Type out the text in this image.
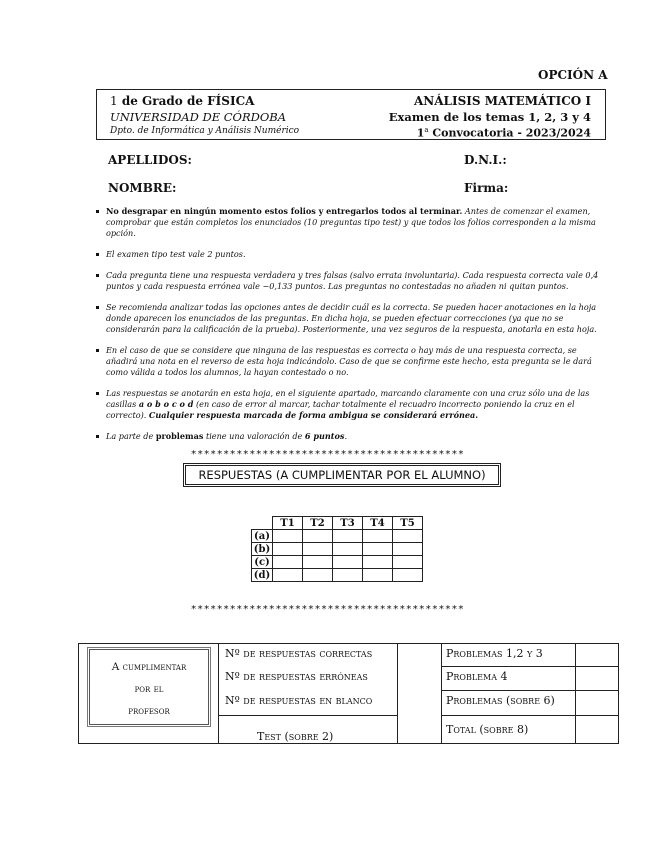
OPCIÓN A
1 de Grado de FÍSICA
UNIVERSIDAD DE CÓRDOBA
Dpto. de Informática y Análisis Numérico
ANÁLISIS MATEMÁTICO I
Examen de los temas 1, 2, 3 y 4
1$^a$ Convocatoria - 2023/2024
APELLIDOS:	D.N.I.:
NOMBRE:	Firma:
No desgrapar en ningún momento estos folios y entregarlos todos al terminar. Antes de comenzar el examen, comprobar que están completos los enunciados (10 preguntas tipo test) y que todos los folios corresponden a la misma opción.
El examen tipo test vale 2 puntos.
Cada pregunta tiene una respuesta verdadera y tres falsas (salvo errata involuntaria). Cada respuesta correcta vale 0,4 puntos y cada respuesta errónea vale −0,133 puntos. Las preguntas no contestadas no añaden ni quitan puntos.
Se recomienda analizar todas las opciones antes de decidir cuál es la correcta. Se pueden hacer anotaciones en la hoja donde aparecen los enunciados de las preguntas. En dicha hoja, se pueden efectuar correcciones (ya que no se considerarán para la calificación de la prueba). Posteriormente, una vez seguros de la respuesta, anotarla en esta hoja.
En el caso de que se considere que ninguna de las respuestas es correcta o hay más de una respuesta correcta, se añadirá una nota en el reverso de esta hoja indicándolo. Caso de que se confirme este hecho, esta pregunta se le dará como válida a todos los alumnos, la hayan contestado o no.
Las respuestas se anotarán en esta hoja, en el siguiente apartado, marcando claramente con una cruz sólo una de las casillas a o b o c o d (en caso de error al marcar, tachar totalmente el recuadro incorrecto poniendo la cruz en el correcto). Cualquier respuesta marcada de forma ambigua se considerará errónea.
La parte de problemas tiene una valoración de 6 puntos.
******************************************
RESPUESTAS (A CUMPLIMENTAR POR EL ALUMNO)
	T1	T2	T3	T4	T5
(a)					
(b)					
(c)					
(d)					
******************************************
A cumplimentar
por el
profesor
Nº de respuestas correctas
Nº de respuestas erróneas
Nº de respuestas en blanco
Test (sobre 2)
Problemas 1,2 y 3
Problema 4
Problemas (sobre 6)
Total (sobre 8)
